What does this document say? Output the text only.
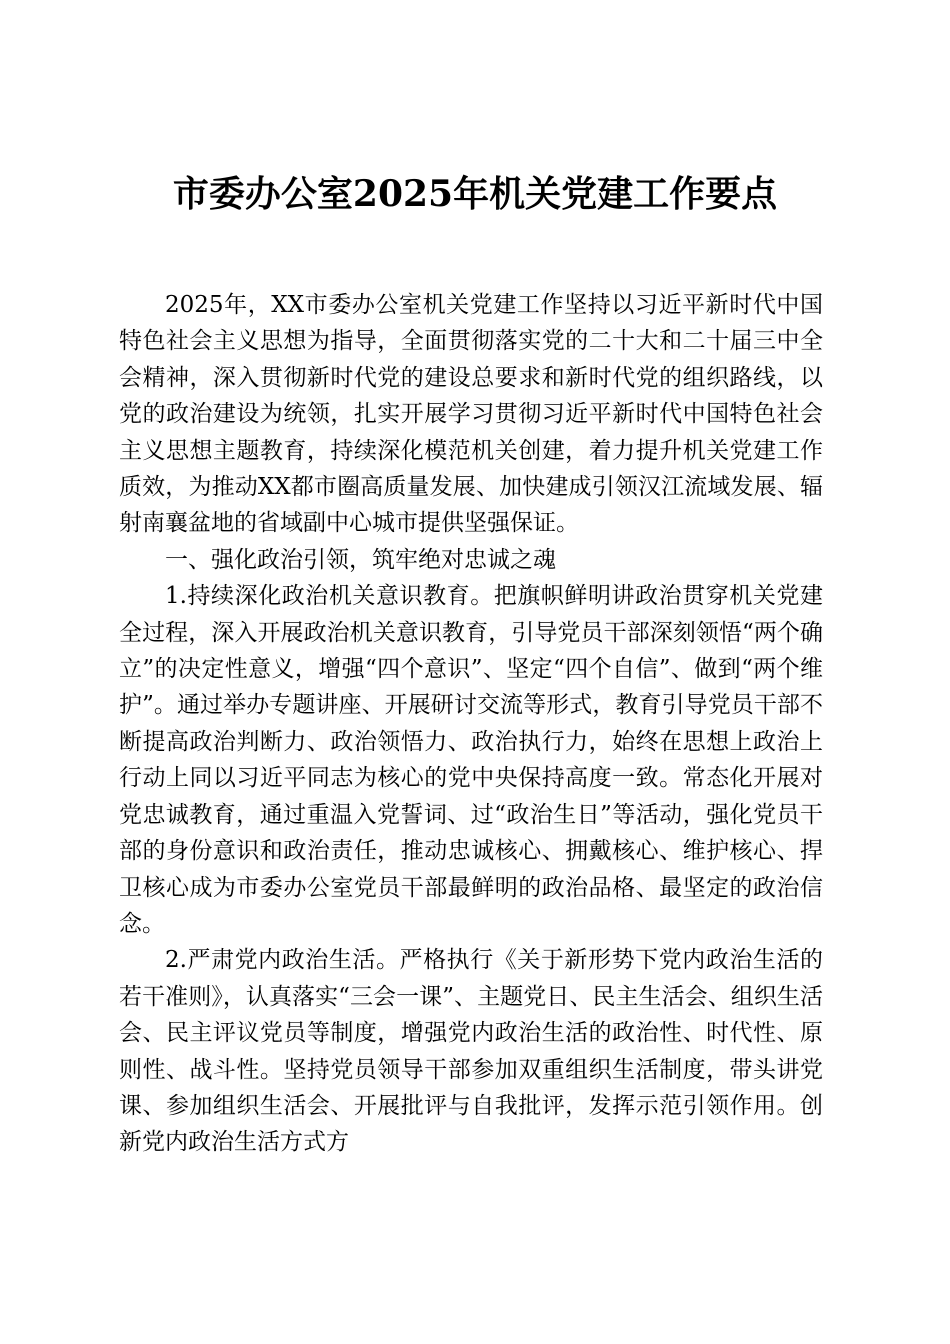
市委办公室2025年机关党建工作要点

2025年，XX市委办公室机关党建工作坚持以习近平新时代中国特色社会主义思想为指导，全面贯彻落实党的二十大和二十届三中全会精神，深入贯彻新时代党的建设总要求和新时代党的组织路线，以党的政治建设为统领，扎实开展学习贯彻习近平新时代中国特色社会主义思想主题教育，持续深化模范机关创建，着力提升机关党建工作质效，为推动XX都市圈高质量发展、加快建成引领汉江流域发展、辐射南襄盆地的省域副中心城市提供坚强保证。

一、强化政治引领，筑牢绝对忠诚之魂

1.持续深化政治机关意识教育。把旗帜鲜明讲政治贯穿机关党建全过程，深入开展政治机关意识教育，引导党员干部深刻领悟“两个确立”的决定性意义，增强“四个意识”、坚定“四个自信”、做到“两个维护”。通过举办专题讲座、开展研讨交流等形式，教育引导党员干部不断提高政治判断力、政治领悟力、政治执行力，始终在思想上政治上行动上同以习近平同志为核心的党中央保持高度一致。常态化开展对党忠诚教育，通过重温入党誓词、过“政治生日”等活动，强化党员干部的身份意识和政治责任，推动忠诚核心、拥戴核心、维护核心、捍卫核心成为市委办公室党员干部最鲜明的政治品格、最坚定的政治信念。

2.严肃党内政治生活。严格执行《关于新形势下党内政治生活的若干准则》，认真落实“三会一课”、主题党日、民主生活会、组织生活会、民主评议党员等制度，增强党内政治生活的政治性、时代性、原则性、战斗性。坚持党员领导干部参加双重组织生活制度，带头讲党课、参加组织生活会、开展批评与自我批评，发挥示范引领作用。创新党内政治生活方式方
